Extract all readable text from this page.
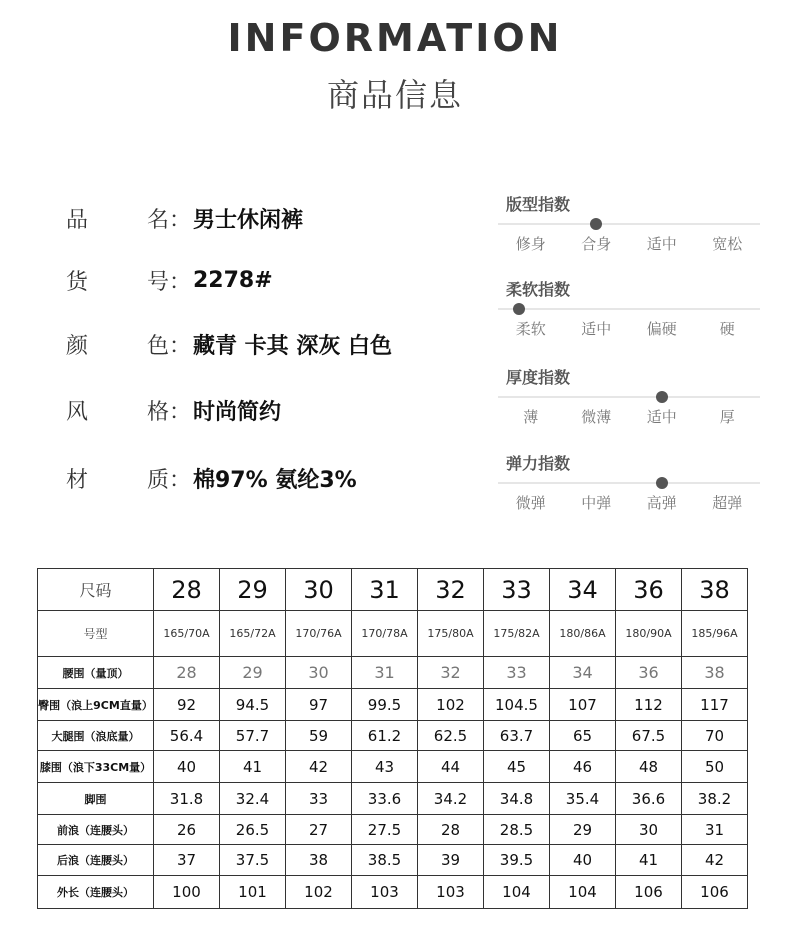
INFORMATION
商品信息
品	名： 男士休闲裤
货	号： 2278#
颜	色： 藏青 卡其 深灰 白色
风	格： 时尚简约
材	质： 棉97% 氨纶3%
版型指数
修身	合身	适中	宽松
柔软指数
柔软	适中	偏硬	硬
厚度指数
薄	微薄	适中	厚
弹力指数
微弹	中弹	高弹	超弹
尺码	28	29	30	31	32	33	34	36	38
号型	165/70A	165/72A	170/76A	170/78A	175/80A	175/82A	180/86A	180/90A	185/96A
腰围（量顶）	28	29	30	31	32	33	34	36	38
臀围（浪上9CM直量）	92	94.5	97	99.5	102	104.5	107	112	117
大腿围（浪底量）	56.4	57.7	59	61.2	62.5	63.7	65	67.5	70
膝围（浪下33CM量）	40	41	42	43	44	45	46	48	50
脚围	31.8	32.4	33	33.6	34.2	34.8	35.4	36.6	38.2
前浪（连腰头）	26	26.5	27	27.5	28	28.5	29	30	31
后浪（连腰头）	37	37.5	38	38.5	39	39.5	40	41	42
外长（连腰头）	100	101	102	103	103	104	104	106	106
